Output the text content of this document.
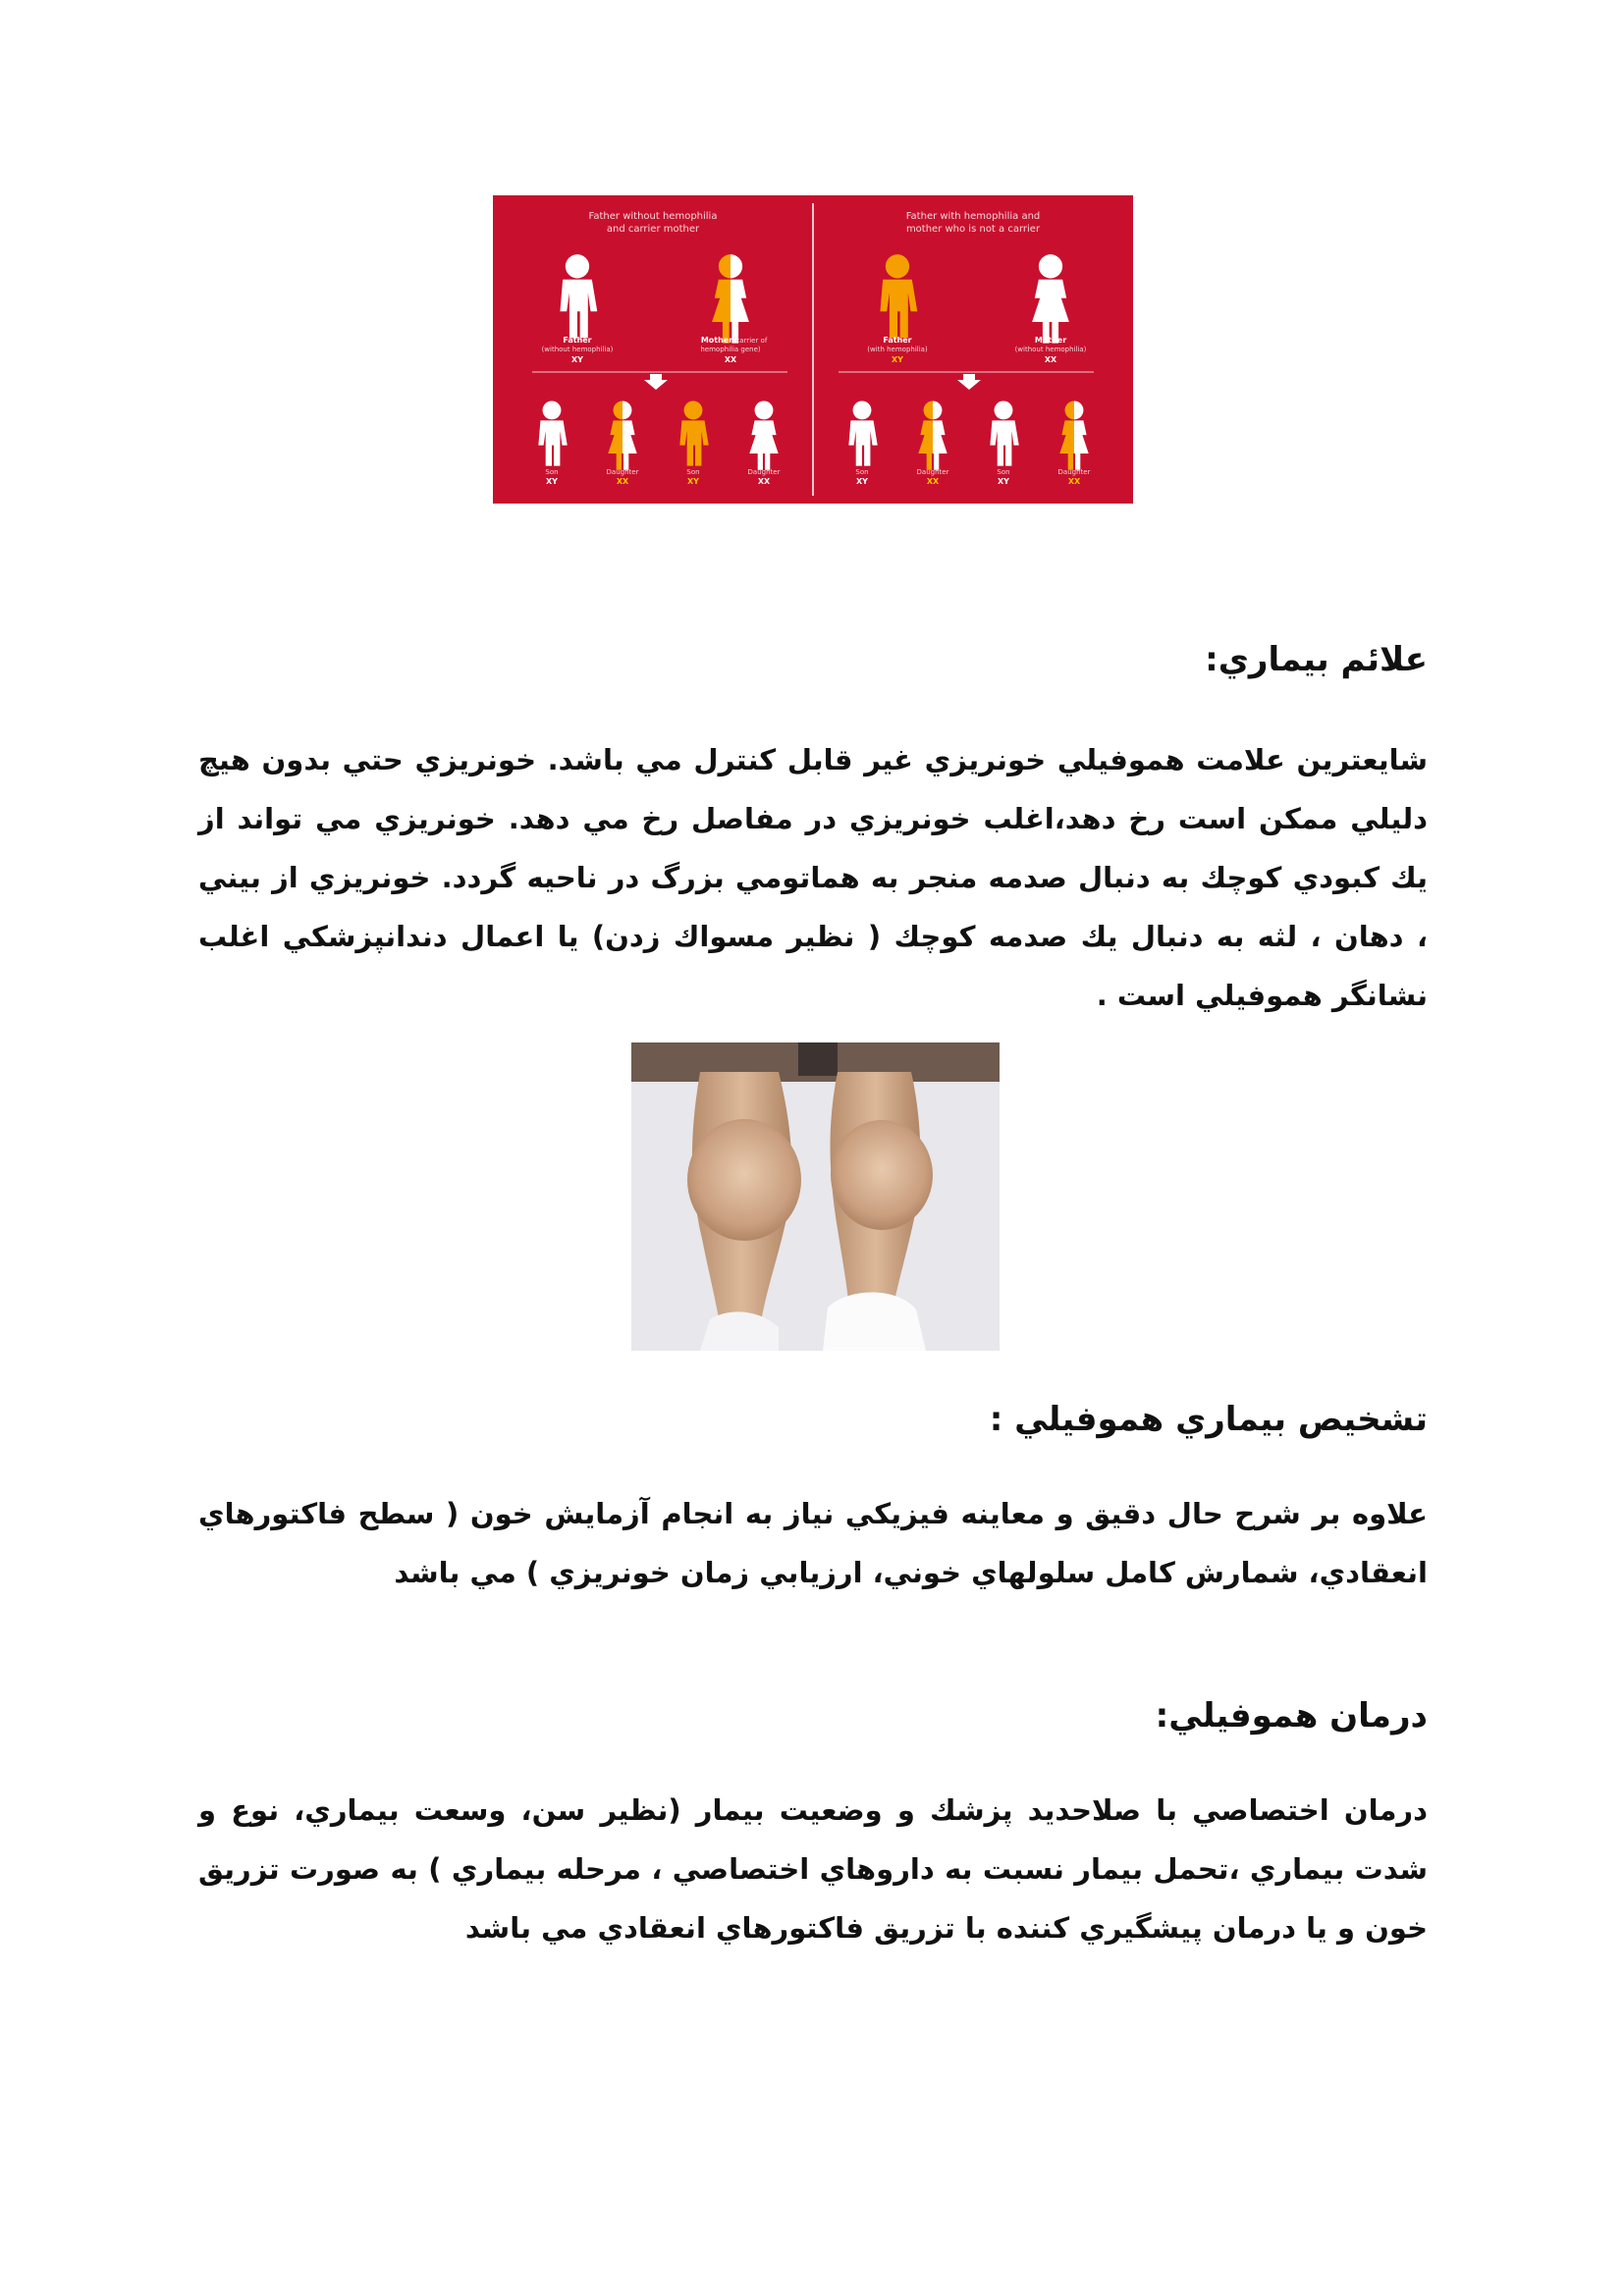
Father without hemophilia
and carrier mother
Father
(without hemophilia)
XY
Mother (carrier of
hemophilia gene)
XX
Son
XY
Daughter
XX
Son
XY
Daughter
XX
Father with hemophilia and
mother who is not a carrier
Father
(with hemophilia)
XY
Mother
(without hemophilia)
XX
Son
XY
Daughter
XX
Son
XY
Daughter
XX
علائم بيماري:
شايعترين علامت هموفيلي خونريزي غير قابل كنترل مي باشد. خونريزي حتي بدون هيچ دليلي ممكن است رخ دهد،اغلب خونريزي در مفاصل رخ مي دهد. خونريزي مي تواند از يك كبودي كوچك به دنبال صدمه منجر به هماتومي بزرگ در ناحيه گردد. خونريزي از بيني ، دهان ، لثه به دنبال يك صدمه كوچك ( نظير مسواك زدن) يا اعمال دندانپزشكي اغلب نشانگر هموفيلي است .
تشخيص بيماري هموفيلي :
علاوه بر شرح حال دقيق و معاينه فيزيكي نياز به انجام آزمايش خون ( سطح فاكتورهاي انعقادي، شمارش كامل سلولهاي خوني، ارزيابي زمان خونريزي ) مي باشد
درمان هموفيلي:
درمان اختصاصي با صلاحديد پزشك و وضعيت بيمار (نظير سن، وسعت بيماري، نوع و شدت بيماري ،تحمل بيمار نسبت به داروهاي اختصاصي ، مرحله بيماري ) به صورت تزريق خون و يا درمان پيشگيري كننده با تزريق فاكتورهاي انعقادي مي باشد
